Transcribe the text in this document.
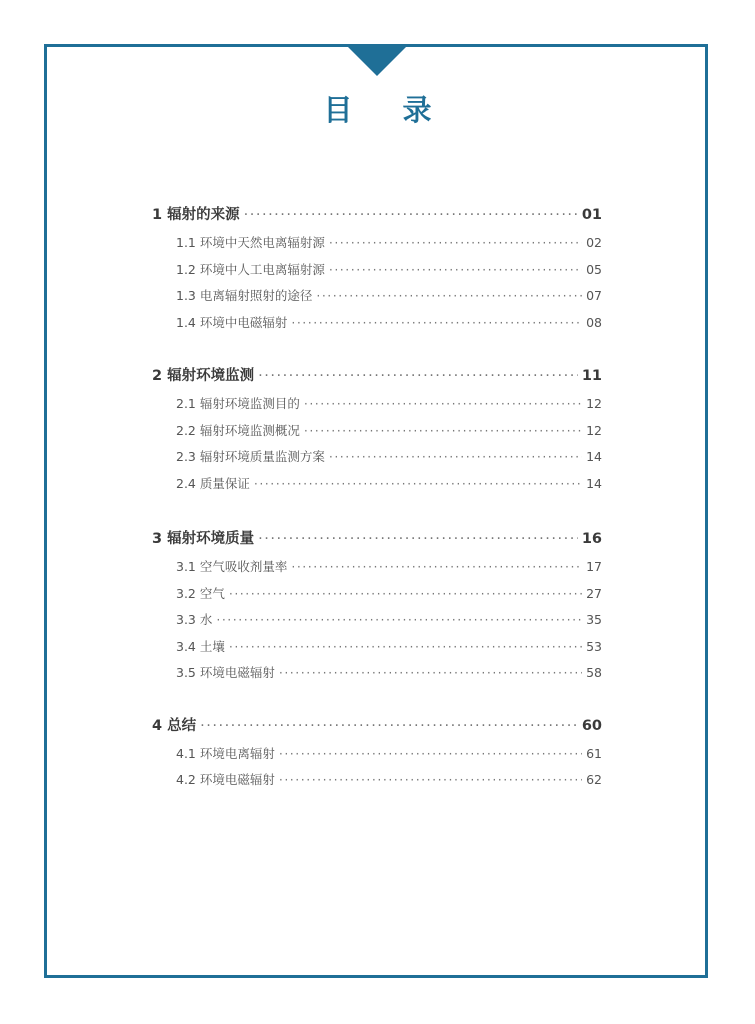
目 录
1 辐射的来源 ·····	01
1.1 环境中天然电离辐射源 ·····	02
1.2 环境中人工电离辐射源 ·····	05
1.3 电离辐射照射的途径 ·····	07
1.4 环境中电磁辐射 ·····	08
2 辐射环境监测 ·····	11
2.1 辐射环境监测目的 ·····	12
2.2 辐射环境监测概况 ·····	12
2.3 辐射环境质量监测方案 ·····	14
2.4 质量保证 ·····	14
3 辐射环境质量 ·····	16
3.1 空气吸收剂量率 ·····	17
3.2 空气 ·····	27
3.3 水 ·····	35
3.4 土壤 ·····	53
3.5 环境电磁辐射 ·····	58
4 总结 ·····	60
4.1 环境电离辐射 ·····	61
4.2 环境电磁辐射 ·····	62
